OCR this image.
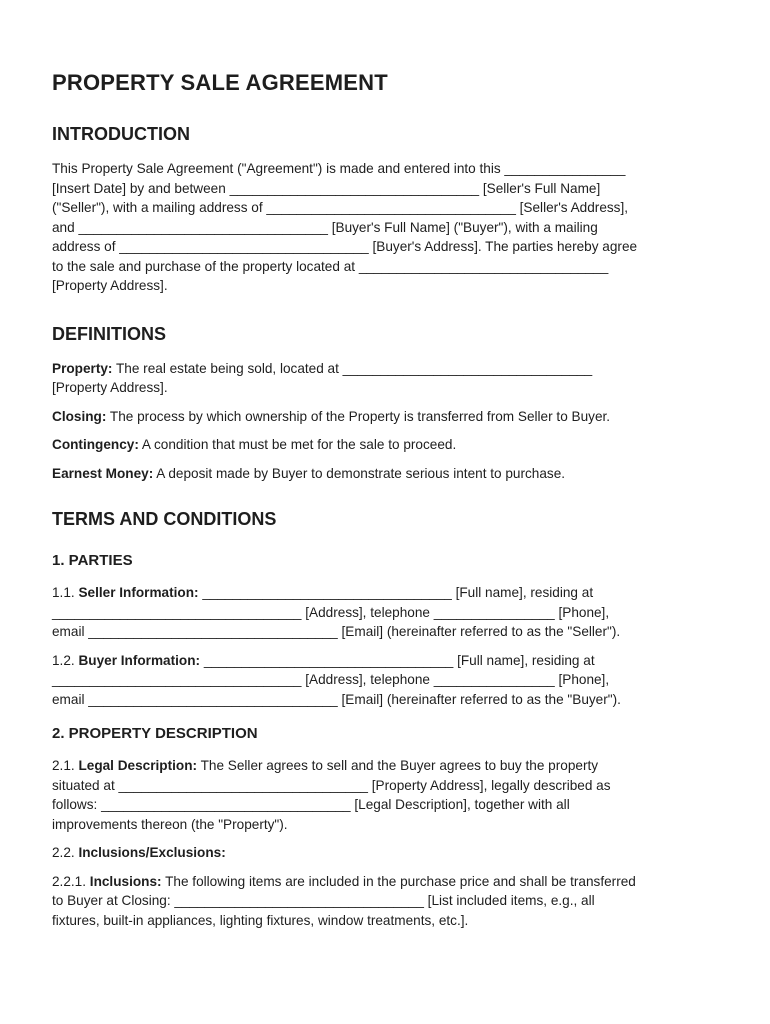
PROPERTY SALE AGREEMENT
INTRODUCTION

This Property Sale Agreement ("Agreement") is made and entered into this ________________
[Insert Date] by and between _________________________________ [Seller's Full Name]
("Seller"), with a mailing address of _________________________________ [Seller's Address],
and _________________________________ [Buyer's Full Name] ("Buyer"), with a mailing
address of _________________________________ [Buyer's Address]. The parties hereby agree
to the sale and purchase of the property located at _________________________________
[Property Address].

DEFINITIONS

Property: The real estate being sold, located at _________________________________
[Property Address].

Closing: The process by which ownership of the Property is transferred from Seller to Buyer.

Contingency: A condition that must be met for the sale to proceed.

Earnest Money: A deposit made by Buyer to demonstrate serious intent to purchase.

TERMS AND CONDITIONS
1. PARTIES

1.1. Seller Information: _________________________________ [Full name], residing at
_________________________________ [Address], telephone ________________ [Phone],
email _________________________________ [Email] (hereinafter referred to as the "Seller").

1.2. Buyer Information: _________________________________ [Full name], residing at
_________________________________ [Address], telephone ________________ [Phone],
email _________________________________ [Email] (hereinafter referred to as the "Buyer").

2. PROPERTY DESCRIPTION

2.1. Legal Description: The Seller agrees to sell and the Buyer agrees to buy the property
situated at _________________________________ [Property Address], legally described as
follows: _________________________________ [Legal Description], together with all
improvements thereon (the "Property").

2.2. Inclusions/Exclusions:

2.2.1. Inclusions: The following items are included in the purchase price and shall be transferred
to Buyer at Closing: _________________________________ [List included items, e.g., all
fixtures, built-in appliances, lighting fixtures, window treatments, etc.].
